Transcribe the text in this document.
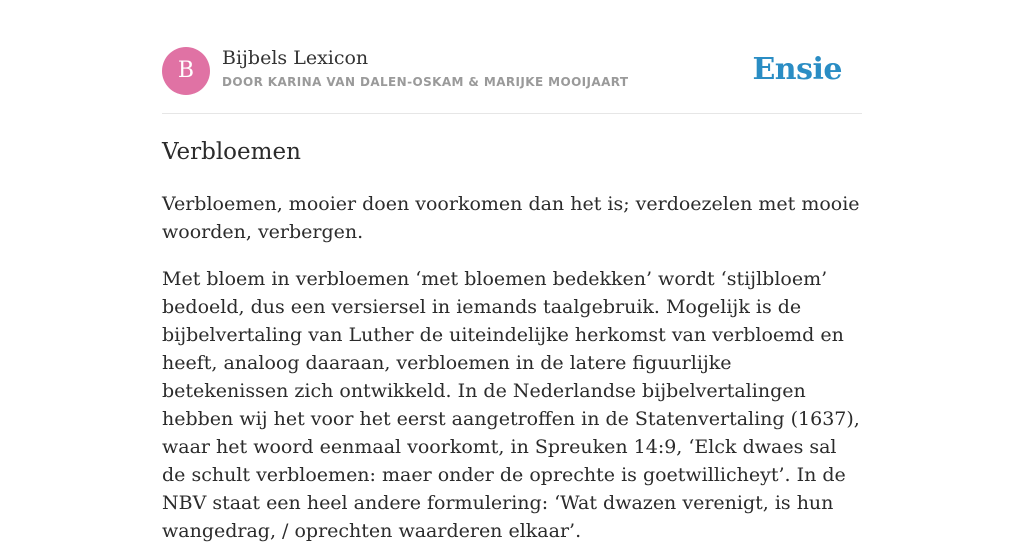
B	Bijbels Lexicon
DOOR KARINA VAN DALEN-OSKAM & MARIJKE MOOIJAART	Ensie
Verbloemen

Verbloemen, mooier doen voorkomen dan het is; verdoezelen met mooie woorden, verbergen.

Met bloem in verbloemen ‘met bloemen bedekken’ wordt ‘stijlbloem’ bedoeld, dus een versiersel in iemands taalgebruik. Mogelijk is de bijbelvertaling van Luther de uiteindelijke herkomst van verbloemd en heeft, analoog daaraan, verbloemen in de latere figuurlijke betekenissen zich ontwikkeld. In de Nederlandse bijbelvertalingen hebben wij het voor het eerst aangetroffen in de Statenvertaling (1637), waar het woord eenmaal voorkomt, in Spreuken 14:9, ‘Elck dwaes sal de schult verbloemen: maer onder de oprechte is goetwillicheyt’. In de NBV staat een heel andere formulering: ‘Wat dwazen verenigt, is hun wangedrag, / oprechten waarderen elkaar’.
